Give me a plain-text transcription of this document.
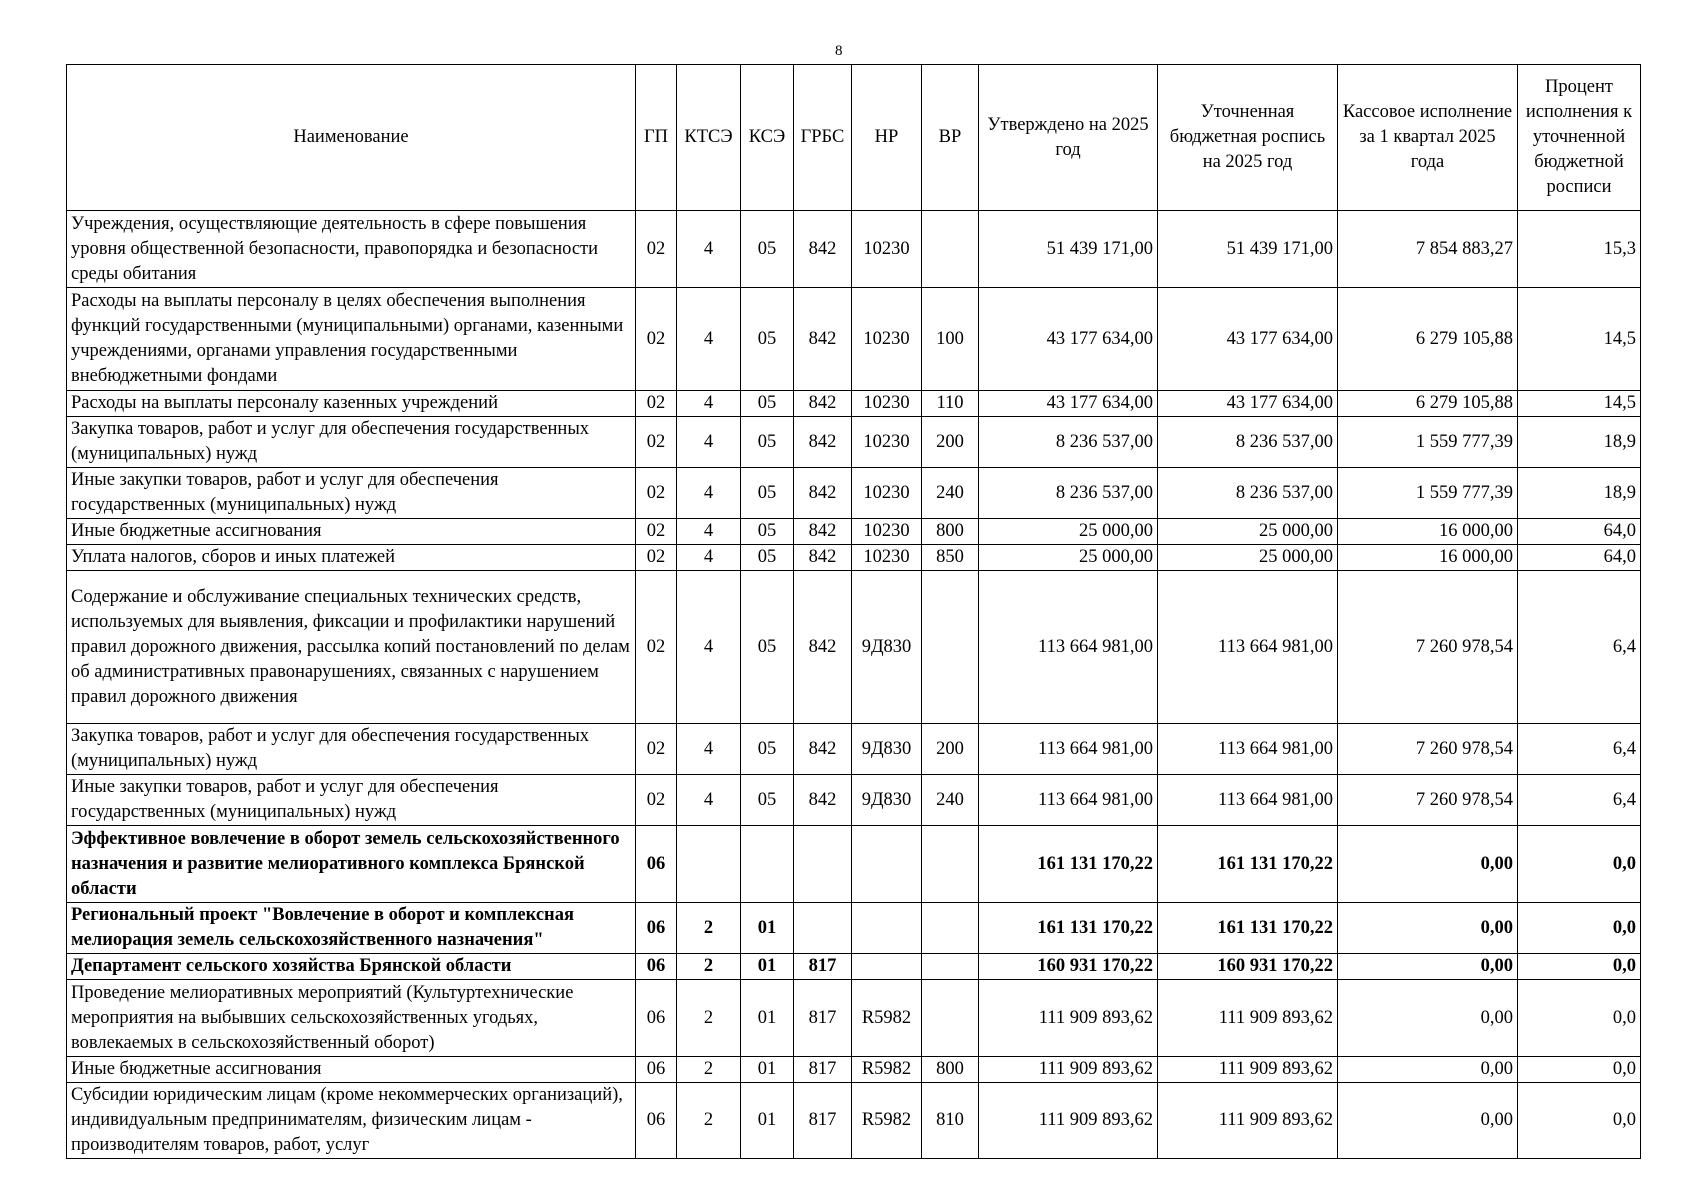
8
Наименование	ГП	КТСЭ	КСЭ	ГРБС	НР	ВР	Утверждено на 2025 год	Уточненная бюджетная роспись на 2025 год	Кассовое исполнение за 1 квартал 2025 года	Процент исполнения к уточненной бюджетной росписи
Учреждения, осуществляющие деятельность в сфере повышения уровня общественной безопасности, правопорядка и безопасности среды обитания	02	4	05	842	10230		51 439 171,00	51 439 171,00	7 854 883,27	15,3
Расходы на выплаты персоналу в целях обеспечения выполнения функций государственными (муниципальными) органами, казенными учреждениями, органами управления государственными внебюджетными фондами	02	4	05	842	10230	100	43 177 634,00	43 177 634,00	6 279 105,88	14,5
Расходы на выплаты персоналу казенных учреждений	02	4	05	842	10230	110	43 177 634,00	43 177 634,00	6 279 105,88	14,5
Закупка товаров, работ и услуг для обеспечения государственных (муниципальных) нужд	02	4	05	842	10230	200	8 236 537,00	8 236 537,00	1 559 777,39	18,9
Иные закупки товаров, работ и услуг для обеспечения государственных (муниципальных) нужд	02	4	05	842	10230	240	8 236 537,00	8 236 537,00	1 559 777,39	18,9
Иные бюджетные ассигнования	02	4	05	842	10230	800	25 000,00	25 000,00	16 000,00	64,0
Уплата налогов, сборов и иных платежей	02	4	05	842	10230	850	25 000,00	25 000,00	16 000,00	64,0
Содержание и обслуживание специальных технических средств, используемых для выявления, фиксации и профилактики нарушений правил дорожного движения, рассылка копий постановлений по делам об административных правонарушениях, связанных с нарушением правил дорожного движения	02	4	05	842	9Д830		113 664 981,00	113 664 981,00	7 260 978,54	6,4
Закупка товаров, работ и услуг для обеспечения государственных (муниципальных) нужд	02	4	05	842	9Д830	200	113 664 981,00	113 664 981,00	7 260 978,54	6,4
Иные закупки товаров, работ и услуг для обеспечения государственных (муниципальных) нужд	02	4	05	842	9Д830	240	113 664 981,00	113 664 981,00	7 260 978,54	6,4
Эффективное вовлечение в оборот земель сельскохозяйственного назначения и развитие мелиоративного комплекса Брянской области	06						161 131 170,22	161 131 170,22	0,00	0,0
Региональный проект "Вовлечение в оборот и комплексная мелиорация земель сельскохозяйственного назначения"	06	2	01				161 131 170,22	161 131 170,22	0,00	0,0
Департамент сельского хозяйства Брянской области	06	2	01	817			160 931 170,22	160 931 170,22	0,00	0,0
Проведение мелиоративных мероприятий (Культуртехнические мероприятия на выбывших сельскохозяйственных угодьях, вовлекаемых в сельскохозяйственный оборот)	06	2	01	817	R5982		111 909 893,62	111 909 893,62	0,00	0,0
Иные бюджетные ассигнования	06	2	01	817	R5982	800	111 909 893,62	111 909 893,62	0,00	0,0
Субсидии юридическим лицам (кроме некоммерческих организаций), индивидуальным предпринимателям, физическим лицам - производителям товаров, работ, услуг	06	2	01	817	R5982	810	111 909 893,62	111 909 893,62	0,00	0,0
